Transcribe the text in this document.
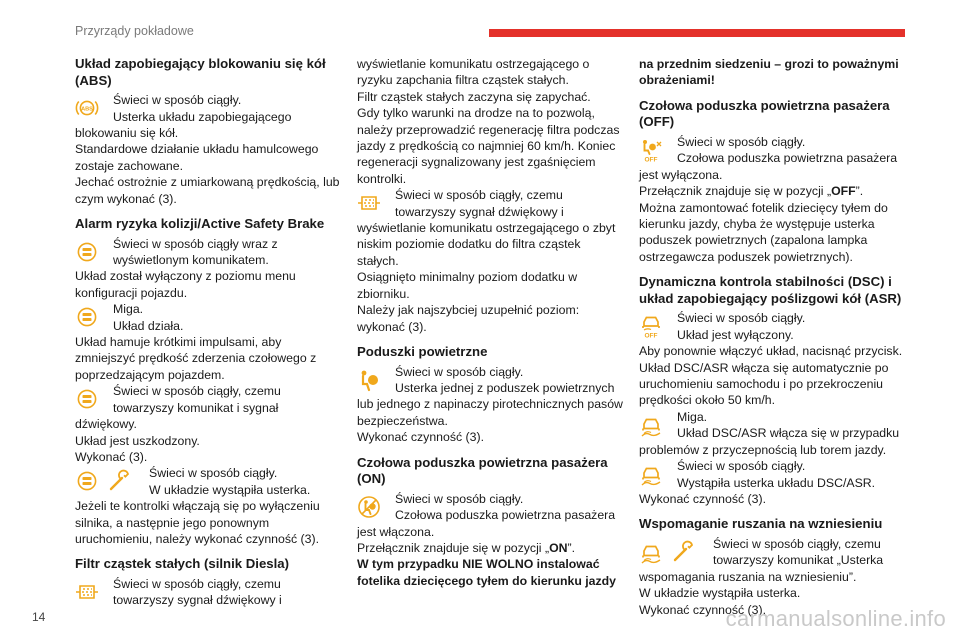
Przyrządy pokładowe
Układ zapobiegający blokowaniu się kół
(ABS)
ABS
Świeci w sposób ciągły.
Usterka układu zapobiegającego
blokowaniu się kół.
Standardowe działanie układu hamulcowego
zostaje zachowane.
Jechać ostrożnie z umiarkowaną prędkością, lub
czym wykonać (3).
Alarm ryzyka kolizji/Active Safety Brake
Świeci w sposób ciągły wraz z
wyświetlonym komunikatem.
Układ został wyłączony z poziomu menu
konfiguracji pojazdu.
Miga.
Układ działa.
Układ hamuje krótkimi impulsami, aby
zmniejszyć prędkość zderzenia czołowego z
poprzedzającym pojazdem.
Świeci w sposób ciągły, czemu
towarzyszy komunikat i sygnał
dźwiękowy.
Układ jest uszkodzony.
Wykonać (3).
Świeci w sposób ciągły.
W układzie wystąpiła usterka.
Jeżeli te kontrolki włączają się po wyłączeniu
silnika, a następnie jego ponownym
uruchomieniu, należy wykonać czynność (3).
Filtr cząstek stałych (silnik Diesla)
Świeci w sposób ciągły, czemu
towarzyszy sygnał dźwiękowy i
wyświetlanie komunikatu ostrzegającego o
ryzyku zapchania filtra cząstek stałych.
Filtr cząstek stałych zaczyna się zapychać.
Gdy tylko warunki na drodze na to pozwolą,
należy przeprowadzić regenerację filtra podczas
jazdy z prędkością co najmniej 60 km/h. Koniec
regeneracji sygnalizowany jest zgaśnięciem
kontrolki.
Świeci w sposób ciągły, czemu
towarzyszy sygnał dźwiękowy i
wyświetlanie komunikatu ostrzegającego o zbyt
niskim poziomie dodatku do filtra cząstek
stałych.
Osiągnięto minimalny poziom dodatku w
zbiorniku.
Należy jak najszybciej uzupełnić poziom:
wykonać (3).
Poduszki powietrzne
Świeci w sposób ciągły.
Usterka jednej z poduszek powietrznych
lub jednego z napinaczy pirotechnicznych pasów
bezpieczeństwa.
Wykonać czynność (3).
Czołowa poduszka powietrzna pasażera
(ON)
Świeci w sposób ciągły.
Czołowa poduszka powietrzna pasażera
jest włączona.
Przełącznik znajduje się w pozycji „ON”.
W tym przypadku NIE WOLNO instalować
fotelika dziecięcego tyłem do kierunku jazdy
na przednim siedzeniu – grozi to poważnymi
obrażeniami!
Czołowa poduszka powietrzna pasażera
(OFF)
OFF
Świeci w sposób ciągły.
Czołowa poduszka powietrzna pasażera
jest wyłączona.
Przełącznik znajduje się w pozycji „OFF”.
Można zamontować fotelik dziecięcy tyłem do
kierunku jazdy, chyba że występuje usterka
poduszek powietrznych (zapalona lampka
ostrzegawcza poduszek powietrznych).
Dynamiczna kontrola stabilności (DSC) i
układ zapobiegający poślizgowi kół (ASR)
OFF
Świeci w sposób ciągły.
Układ jest wyłączony.
Aby ponownie włączyć układ, nacisnąć przycisk.
Układ DSC/ASR włącza się automatycznie po
uruchomieniu samochodu i po przekroczeniu
prędkości około 50 km/h.
Miga.
Układ DSC/ASR włącza się w przypadku
problemów z przyczepnością lub torem jazdy.
Świeci w sposób ciągły.
Wystąpiła usterka układu DSC/ASR.
Wykonać czynność (3).
Wspomaganie ruszania na wzniesieniu
Świeci w sposób ciągły, czemu
towarzyszy komunikat „Usterka
wspomagania ruszania na wzniesieniu”.
W układzie wystąpiła usterka.
Wykonać czynność (3).
14	carmanualsonline.info
